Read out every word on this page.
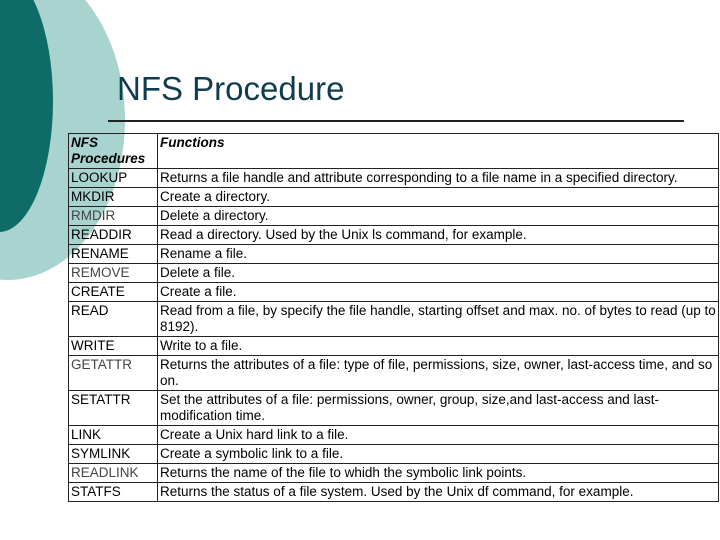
NFS Procedure
NFS Procedures	Functions
LOOKUP	Returns a file handle and attribute corresponding to a file name in a specified directory.
MKDIR	Create a directory.
RMDIR	Delete a directory.
READDIR	Read a directory. Used by the Unix ls command, for example.
RENAME	Rename a file.
REMOVE	Delete a file.
CREATE	Create a file.
READ	Read from a file, by specify the file handle, starting offset and max. no. of bytes to read (up to 8192).
WRITE	Write to a file.
GETATTR	Returns the attributes of a file: type of file, permissions, size, owner, last-access time, and so on.
SETATTR	Set the attributes of a file: permissions, owner, group, size,and last-access and last-modification time.
LINK	Create a Unix hard link to a file.
SYMLINK	Create a symbolic link to a file.
READLINK	Returns the name of the file to whidh the symbolic link points.
STATFS	Returns the status of a file system. Used by the Unix df command, for example.
